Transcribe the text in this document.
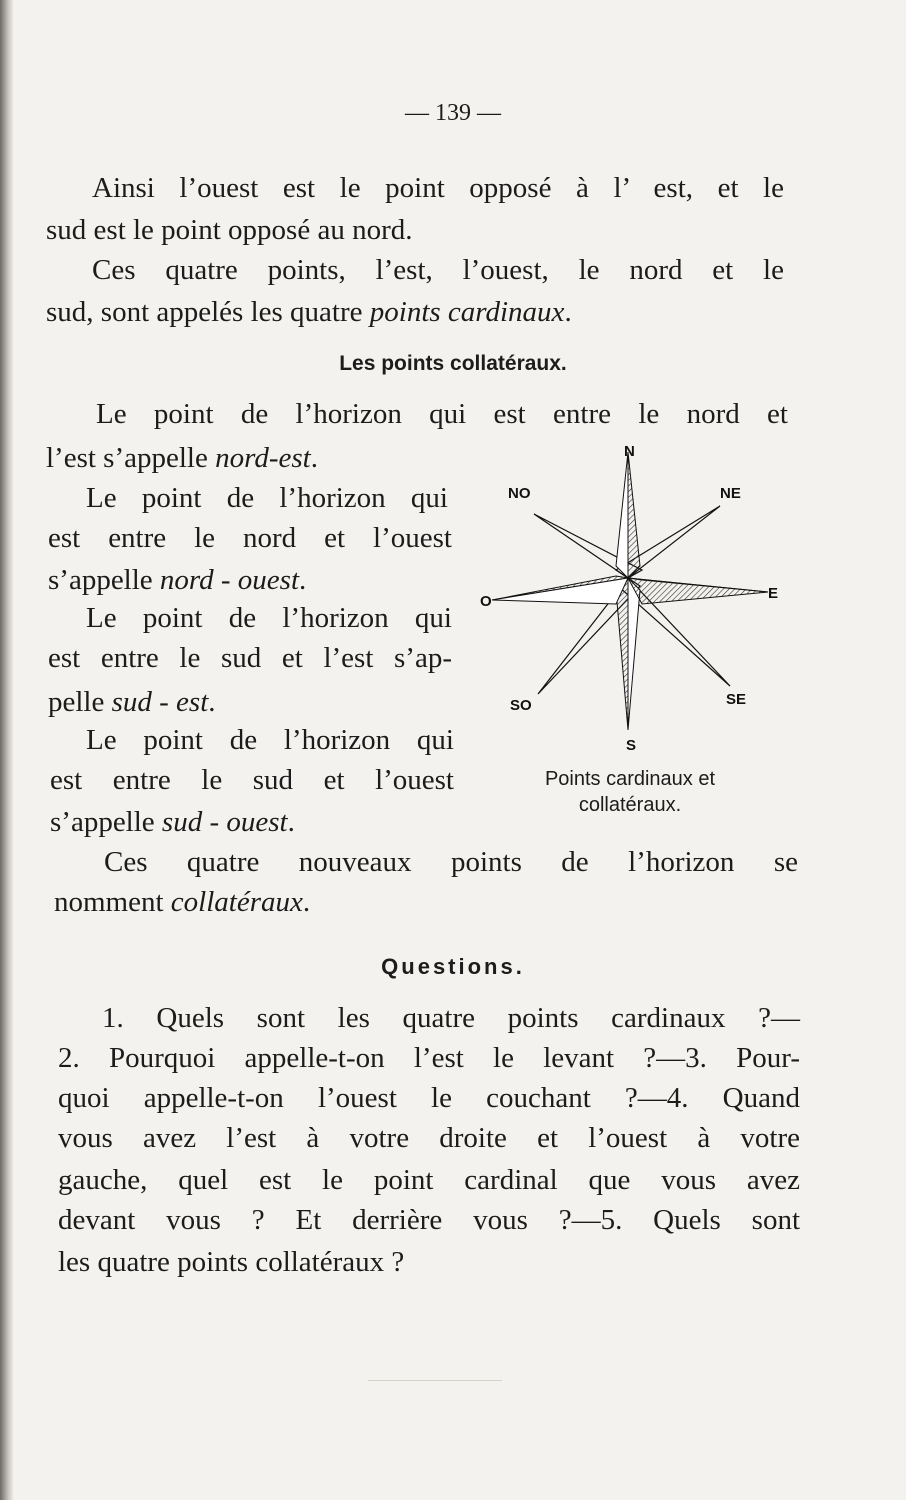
— 139 —
Ainsi l’ouest est le point opposé à l’ est, et le
sud est le point opposé au nord.
Ces quatre points, l’est, l’ouest, le nord et le
sud, sont appelés les quatre points cardinaux.
Les points collatéraux.
Le point de l’horizon qui est entre le nord et
l’est s’appelle nord-est.
Le point de l’horizon qui
est entre le nord et l’ouest
s’appelle nord - ouest.
Le point de l’horizon qui
est entre le sud et l’est s’ap-
pelle sud - est.
Le point de l’horizon qui
est entre le sud et l’ouest
s’appelle sud - ouest.
N
S
E
O
NE
NO
SE
SO
Points cardinaux et
collatéraux.
Ces quatre nouveaux points de l’horizon se
nomment collatéraux.
Questions.
1. Quels sont les quatre points cardinaux ?—
2. Pourquoi appelle-t-on l’est le levant ?—3. Pour-
quoi appelle-t-on l’ouest le couchant ?—4. Quand
vous avez l’est à votre droite et l’ouest à votre
gauche, quel est le point cardinal que vous avez
devant vous ? Et derrière vous ?—5. Quels sont
les quatre points collatéraux ?
